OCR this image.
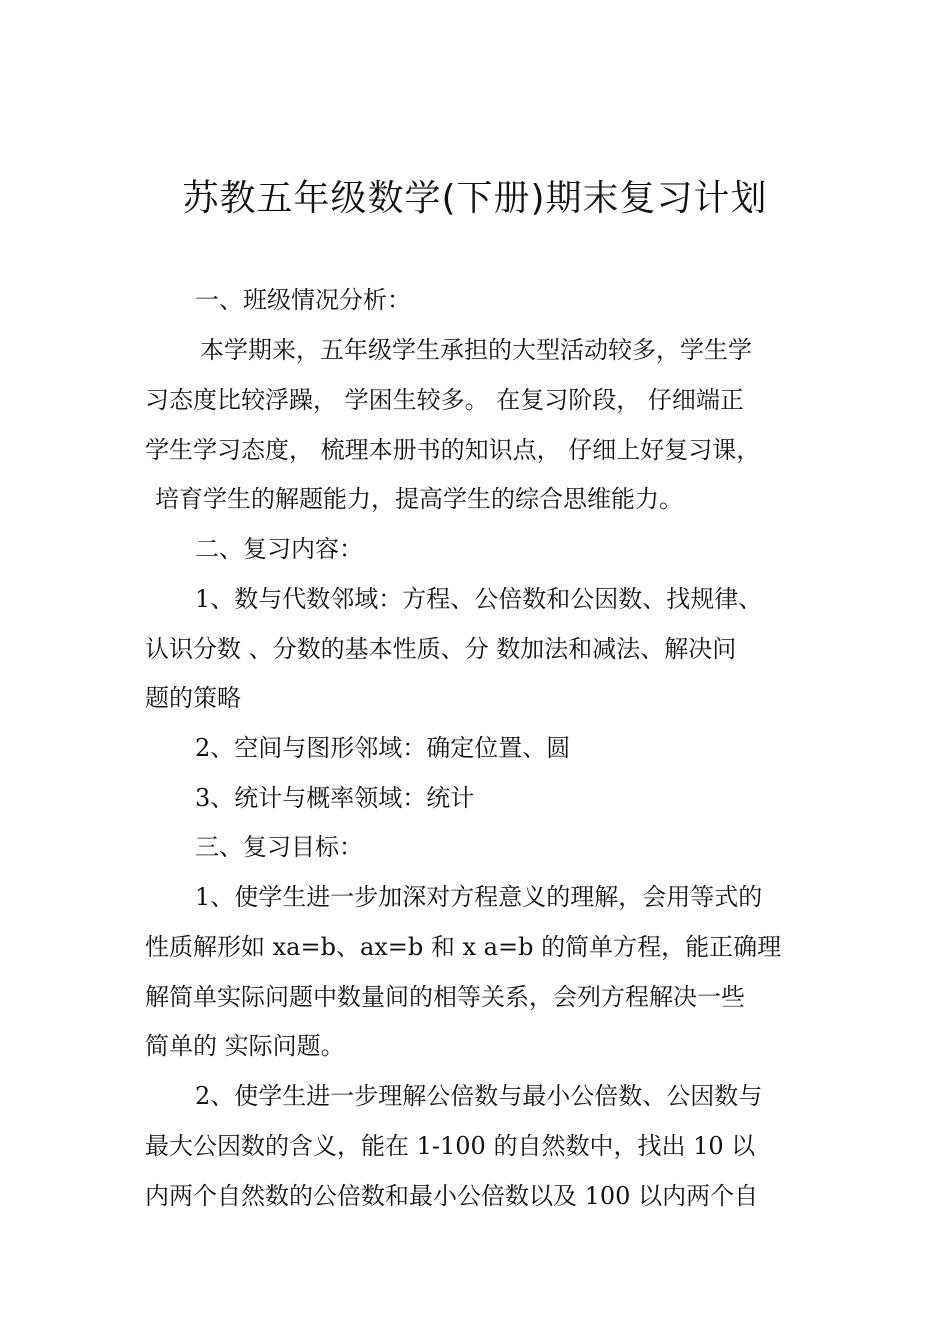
苏教五年级数学(下册)期末复习计划
一、班级情况分析：
本学期来，五年级学生承担的大型活动较多，学生学
习态度比较浮躁， 学困生较多。 在复习阶段， 仔细端正
学生学习态度， 梳理本册书的知识点， 仔细上好复习课，
培育学生的解题能力，提高学生的综合思维能力。
二、复习内容：
1、数与代数邻域：方程、公倍数和公因数、找规律、
认识分数 、分数的基本性质、分 数加法和减法、解决问
题的策略
2、空间与图形邻域：确定位置、圆
3、统计与概率领域：统计
三、复习目标：
1、使学生进一步加深对方程意义的理解，会用等式的
性质解形如 xa=b、ax=b 和 x a=b 的简单方程，能正确理
解简单实际问题中数量间的相等关系，会列方程解决一些
简单的 实际问题。
2、使学生进一步理解公倍数与最小公倍数、公因数与
最大公因数的含义，能在 1-100 的自然数中，找出 10 以
内两个自然数的公倍数和最小公倍数以及 100 以内两个自
